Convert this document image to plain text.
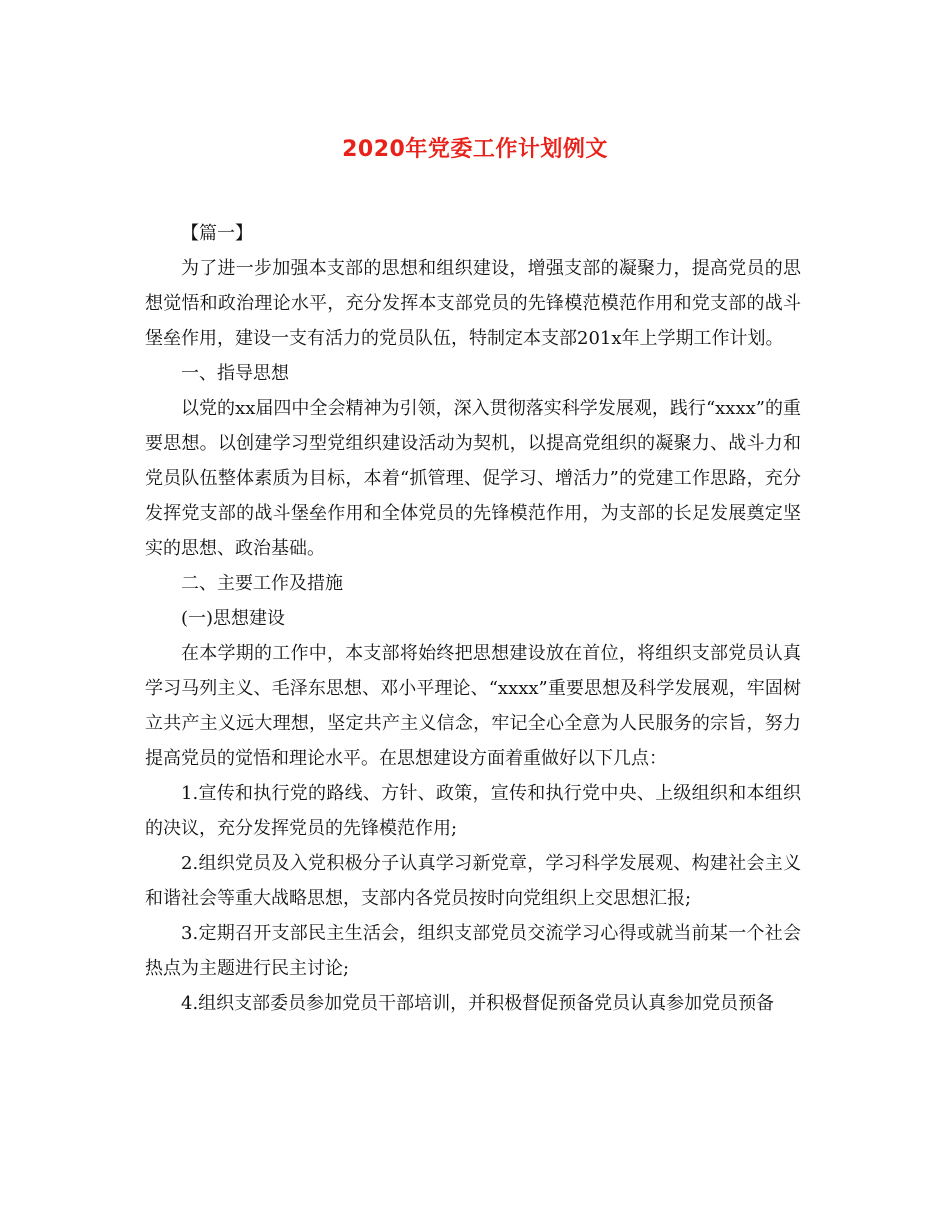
2020年党委工作计划例文

【篇一】

为了进一步加强本支部的思想和组织建设，增强支部的凝聚力，提高党员的思想觉悟和政治理论水平，充分发挥本支部党员的先锋模范模范作用和党支部的战斗堡垒作用，建设一支有活力的党员队伍，特制定本支部201x年上学期工作计划。

一、指导思想

以党的xx届四中全会精神为引领，深入贯彻落实科学发展观，践行“xxxx”的重要思想。以创建学习型党组织建设活动为契机，以提高党组织的凝聚力、战斗力和党员队伍整体素质为目标，本着“抓管理、促学习、增活力”的党建工作思路，充分发挥党支部的战斗堡垒作用和全体党员的先锋模范作用，为支部的长足发展奠定坚实的思想、政治基础。

二、主要工作及措施

(一)思想建设

在本学期的工作中，本支部将始终把思想建设放在首位，将组织支部党员认真学习马列主义、毛泽东思想、邓小平理论、“xxxx”重要思想及科学发展观，牢固树立共产主义远大理想，坚定共产主义信念，牢记全心全意为人民服务的宗旨，努力提高党员的觉悟和理论水平。在思想建设方面着重做好以下几点：

1.宣传和执行党的路线、方针、政策，宣传和执行党中央、上级组织和本组织的决议，充分发挥党员的先锋模范作用;

2.组织党员及入党积极分子认真学习新党章，学习科学发展观、构建社会主义和谐社会等重大战略思想，支部内各党员按时向党组织上交思想汇报;

3.定期召开支部民主生活会，组织支部党员交流学习心得或就当前某一个社会热点为主题进行民主讨论;

4.组织支部委员参加党员干部培训，并积极督促预备党员认真参加党员预备
